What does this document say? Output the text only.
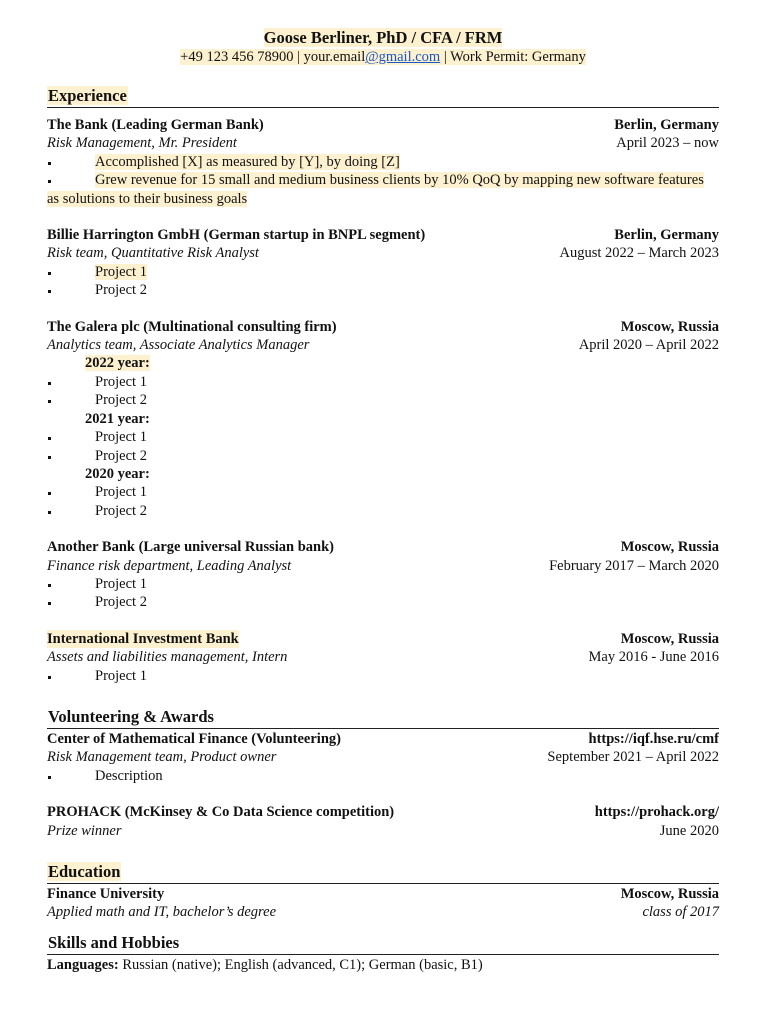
Goose Berliner, PhD / CFA / FRM
+49 123 456 78900 | your.email@gmail.com | Work Permit: Germany
Experience
The Bank (Leading German Bank)	Berlin, Germany
Risk Management, Mr. President	April 2023 – now
Accomplished [X] as measured by [Y], by doing [Z]
Grew revenue for 15 small and medium business clients by 10% QoQ by mapping new software features as solutions to their business goals
Billie Harrington GmbH (German startup in BNPL segment)	Berlin, Germany
Risk team, Quantitative Risk Analyst	August 2022 – March 2023
Project 1
Project 2
The Galera plc (Multinational consulting firm)	Moscow, Russia
Analytics team, Associate Analytics Manager	April 2020 – April 2022
2022 year:
Project 1
Project 2
2021 year:
Project 1
Project 2
2020 year:
Project 1
Project 2
Another Bank (Large universal Russian bank)	Moscow, Russia
Finance risk department, Leading Analyst	February 2017 – March 2020
Project 1
Project 2
International Investment Bank	Moscow, Russia
Assets and liabilities management, Intern	May 2016 - June 2016
Project 1
Volunteering & Awards
Center of Mathematical Finance (Volunteering)	https://iqf.hse.ru/cmf
Risk Management team, Product owner	September 2021 – April 2022
Description
PROHACK (McKinsey & Co Data Science competition)	https://prohack.org/
Prize winner	June 2020
Education
Finance University	Moscow, Russia
Applied math and IT, bachelor’s degree	class of 2017
Skills and Hobbies
Languages: Russian (native); English (advanced, C1); German (basic, B1)
